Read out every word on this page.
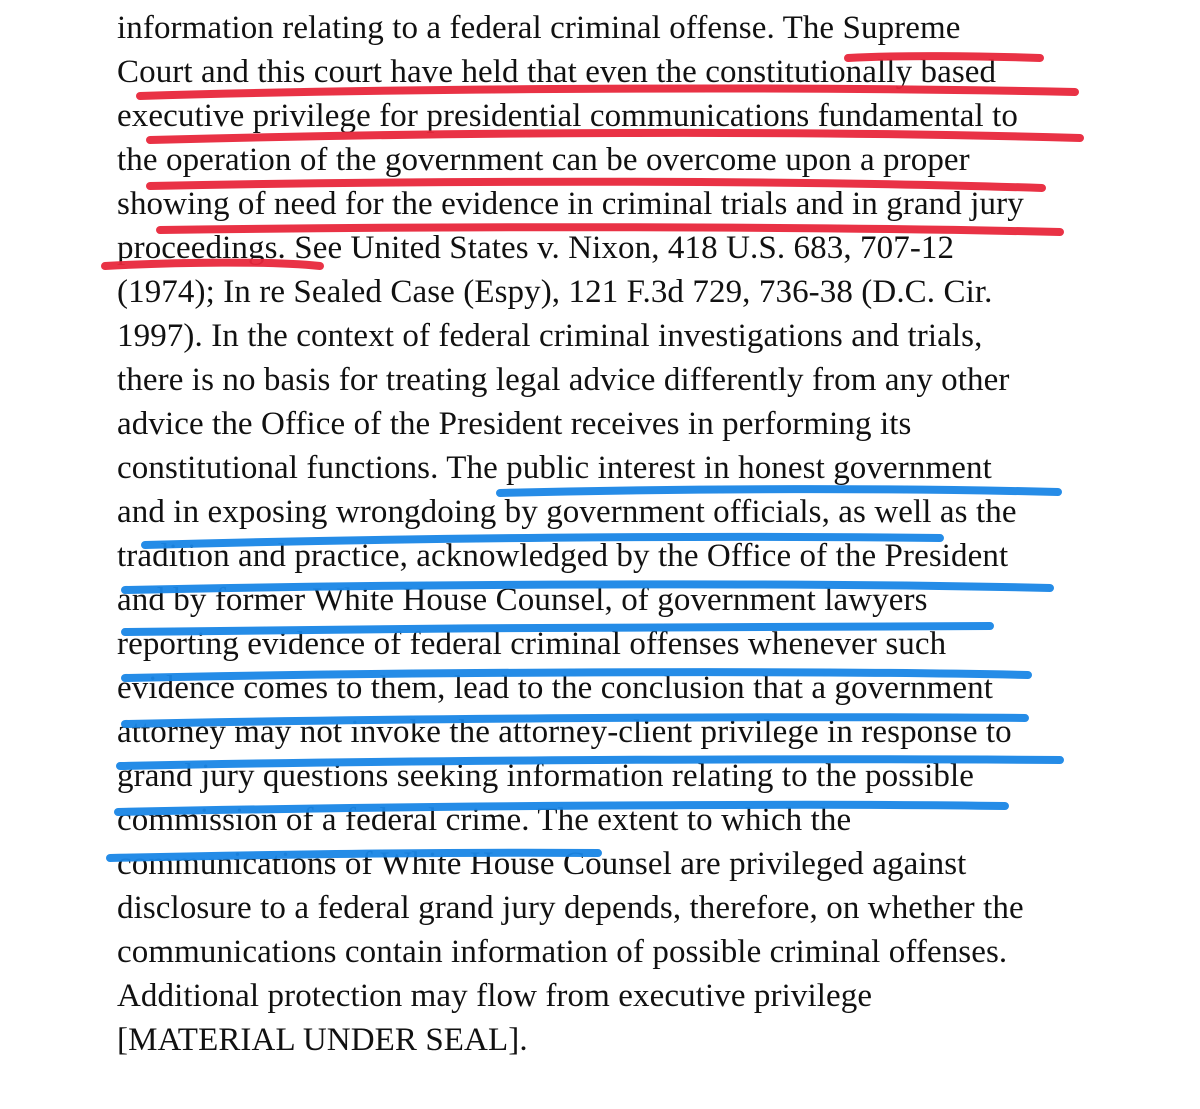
information relating to a federal criminal offense. The Supreme
Court and this court have held that even the constitutionally based
executive privilege for presidential communications fundamental to
the operation of the government can be overcome upon a proper
showing of need for the evidence in criminal trials and in grand jury
proceedings. See United States v. Nixon, 418 U.S. 683, 707-12
(1974); In re Sealed Case (Espy), 121 F.3d 729, 736-38 (D.C. Cir.
1997). In the context of federal criminal investigations and trials,
there is no basis for treating legal advice differently from any other
advice the Office of the President receives in performing its
constitutional functions. The public interest in honest government
and in exposing wrongdoing by government officials, as well as the
tradition and practice, acknowledged by the Office of the President
and by former White House Counsel, of government lawyers
reporting evidence of federal criminal offenses whenever such
evidence comes to them, lead to the conclusion that a government
attorney may not invoke the attorney-client privilege in response to
grand jury questions seeking information relating to the possible
commission of a federal crime. The extent to which the
communications of White House Counsel are privileged against
disclosure to a federal grand jury depends, therefore, on whether the
communications contain information of possible criminal offenses.
Additional protection may flow from executive privilege
[MATERIAL UNDER SEAL].
